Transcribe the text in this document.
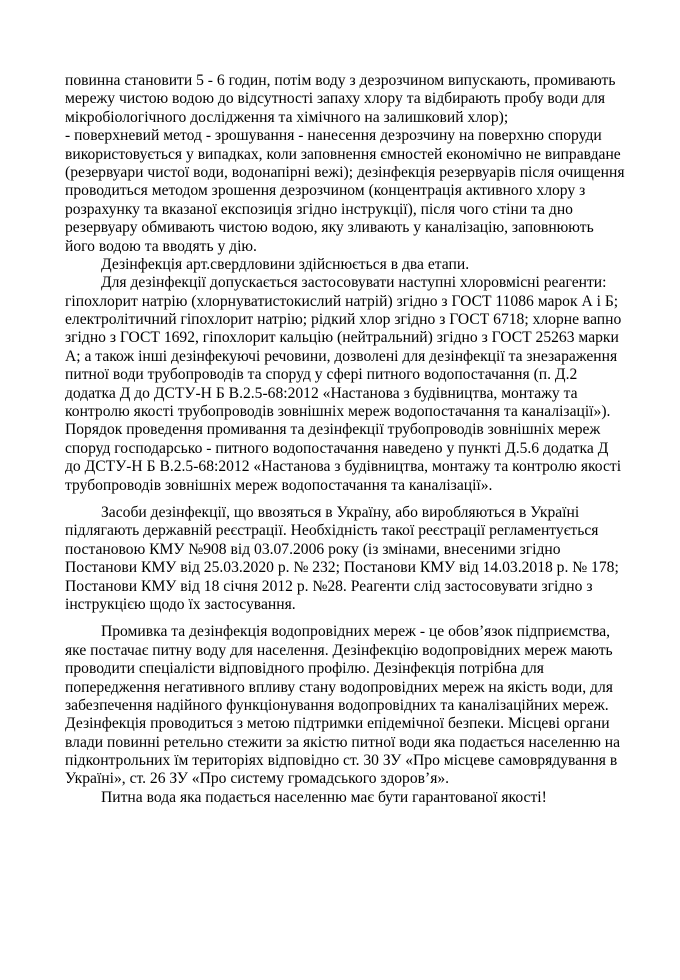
повинна становити 5 - 6 годин, потім воду з дезрозчином випускають, промивають
мережу чистою водою до відсутності запаху хлору та відбирають пробу води для
мікробіологічного дослідження та хімічного на залишковий хлор);
- поверхневий метод - зрошування - нанесення дезрозчину на поверхню споруди
використовується у випадках, коли заповнення ємностей економічно не виправдане
(резервуари чистої води, водонапірні вежі); дезінфекція резервуарів після очищення
проводиться методом зрошення дезрозчином (концентрація активного хлору з
розрахунку та вказаної експозиція згідно інструкції), після чого стіни та дно
резервуару обмивають чистою водою, яку зливають у каналізацію, заповнюють
його водою та вводять у дію.
Дезінфекція арт.свердловини здійснюється в два етапи.
Для дезінфекції допускається застосовувати наступні хлоровмісні реагенти:
гіпохлорит натрію (хлорнуватистокислий натрій) згідно з ГОСТ 11086 марок А і Б;
електролітичний гіпохлорит натрію; рідкий хлор згідно з ГОСТ 6718; хлорне вапно
згідно з ГОСТ 1692, гіпохлорит кальцію (нейтральний) згідно з ГОСТ 25263 марки
А; а також інші дезінфекуючі речовини, дозволені для дезінфекції та знезараження
питної води трубопроводів та споруд у сфері питного водопостачання (п. Д.2
додатка Д до ДСТУ-Н Б В.2.5-68:2012 «Настанова з будівництва, монтажу та
контролю якості трубопроводів зовнішніх мереж водопостачання та каналізації»).
Порядок проведення промивання та дезінфекції трубопроводів зовнішніх мереж
споруд господарсько - питного водопостачання наведено у пункті Д.5.6 додатка Д
до ДСТУ-Н Б В.2.5-68:2012 «Настанова з будівництва, монтажу та контролю якості
трубопроводів зовнішніх мереж водопостачання та каналізації».
Засоби дезінфекції, що ввозяться в Україну, або виробляються в Україні
підлягають державній реєстрації. Необхідність такої реєстрації регламентується
постановою КМУ №908 від 03.07.2006 року (із змінами, внесеними згідно
Постанови КМУ від 25.03.2020 р. № 232; Постанови КМУ від 14.03.2018 р. № 178;
Постанови КМУ від 18 січня 2012 р. №28. Реагенти слід застосовувати згідно з
інструкцією щодо їх застосування.
Промивка та дезінфекція водопровідних мереж - це обов’язок підприємства,
яке постачає питну воду для населення. Дезінфекцію водопровідних мереж мають
проводити спеціалісти відповідного профілю. Дезінфекція потрібна для
попередження негативного впливу стану водопровідних мереж на якість води, для
забезпечення надійного функціонування водопровідних та каналізаційних мереж.
Дезінфекція проводиться з метою підтримки епідемічної безпеки. Місцеві органи
влади повинні ретельно стежити за якістю питної води яка подається населенню на
підконтрольних їм територіях відповідно ст. 30 ЗУ «Про місцеве самоврядування в
Україні», ст. 26 ЗУ «Про систему громадського здоров’я».
Питна вода яка подається населенню має бути гарантованої якості!
